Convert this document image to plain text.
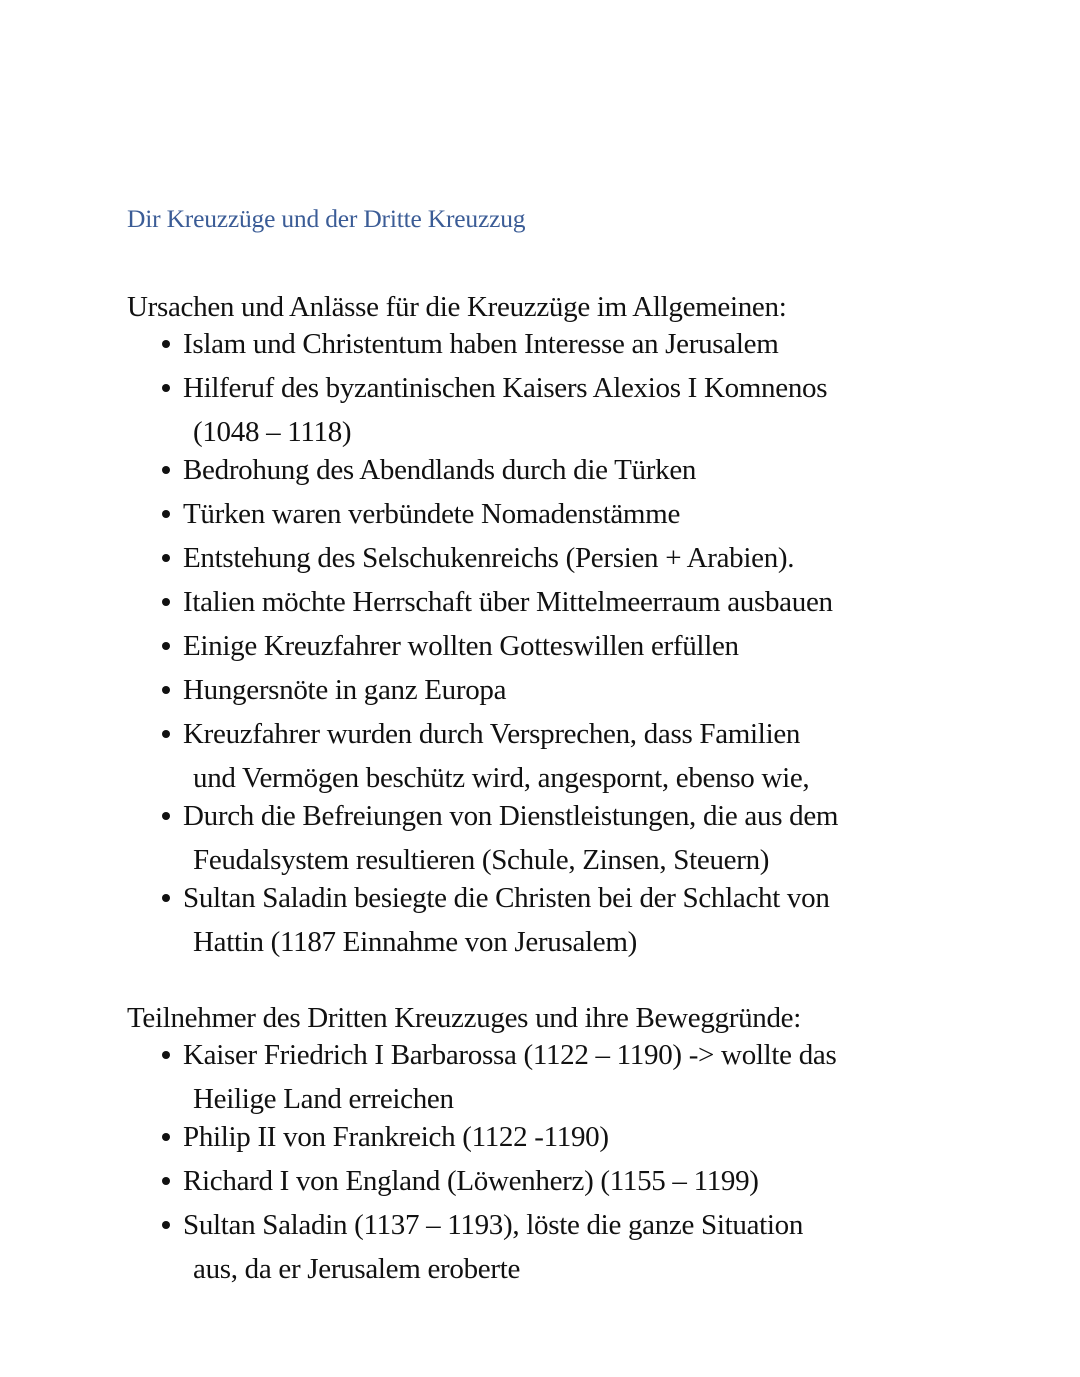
Dir Kreuzzüge und der Dritte Kreuzzug

Ursachen und Anlässe für die Kreuzzüge im Allgemeinen:

Islam und Christentum haben Interesse an Jerusalem
Hilferuf des byzantinischen Kaisers Alexios I Komnenos
(1048 – 1118)
Bedrohung des Abendlands durch die Türken
Türken waren verbündete Nomadenstämme
Entstehung des Selschukenreichs (Persien + Arabien).
Italien möchte Herrschaft über Mittelmeerraum ausbauen
Einige Kreuzfahrer wollten Gotteswillen erfüllen
Hungersnöte in ganz Europa
Kreuzfahrer wurden durch Versprechen, dass Familien
und Vermögen beschütz wird, angespornt, ebenso wie,
Durch die Befreiungen von Dienstleistungen, die aus dem
Feudalsystem resultieren (Schule, Zinsen, Steuern)
Sultan Saladin besiegte die Christen bei der Schlacht von
Hattin (1187 Einnahme von Jerusalem)

Teilnehmer des Dritten Kreuzzuges und ihre Beweggründe:

Kaiser Friedrich I Barbarossa (1122 – 1190) -> wollte das
Heilige Land erreichen
Philip II von Frankreich (1122 -1190)
Richard I von England (Löwenherz) (1155 – 1199)
Sultan Saladin (1137 – 1193), löste die ganze Situation
aus, da er Jerusalem eroberte
